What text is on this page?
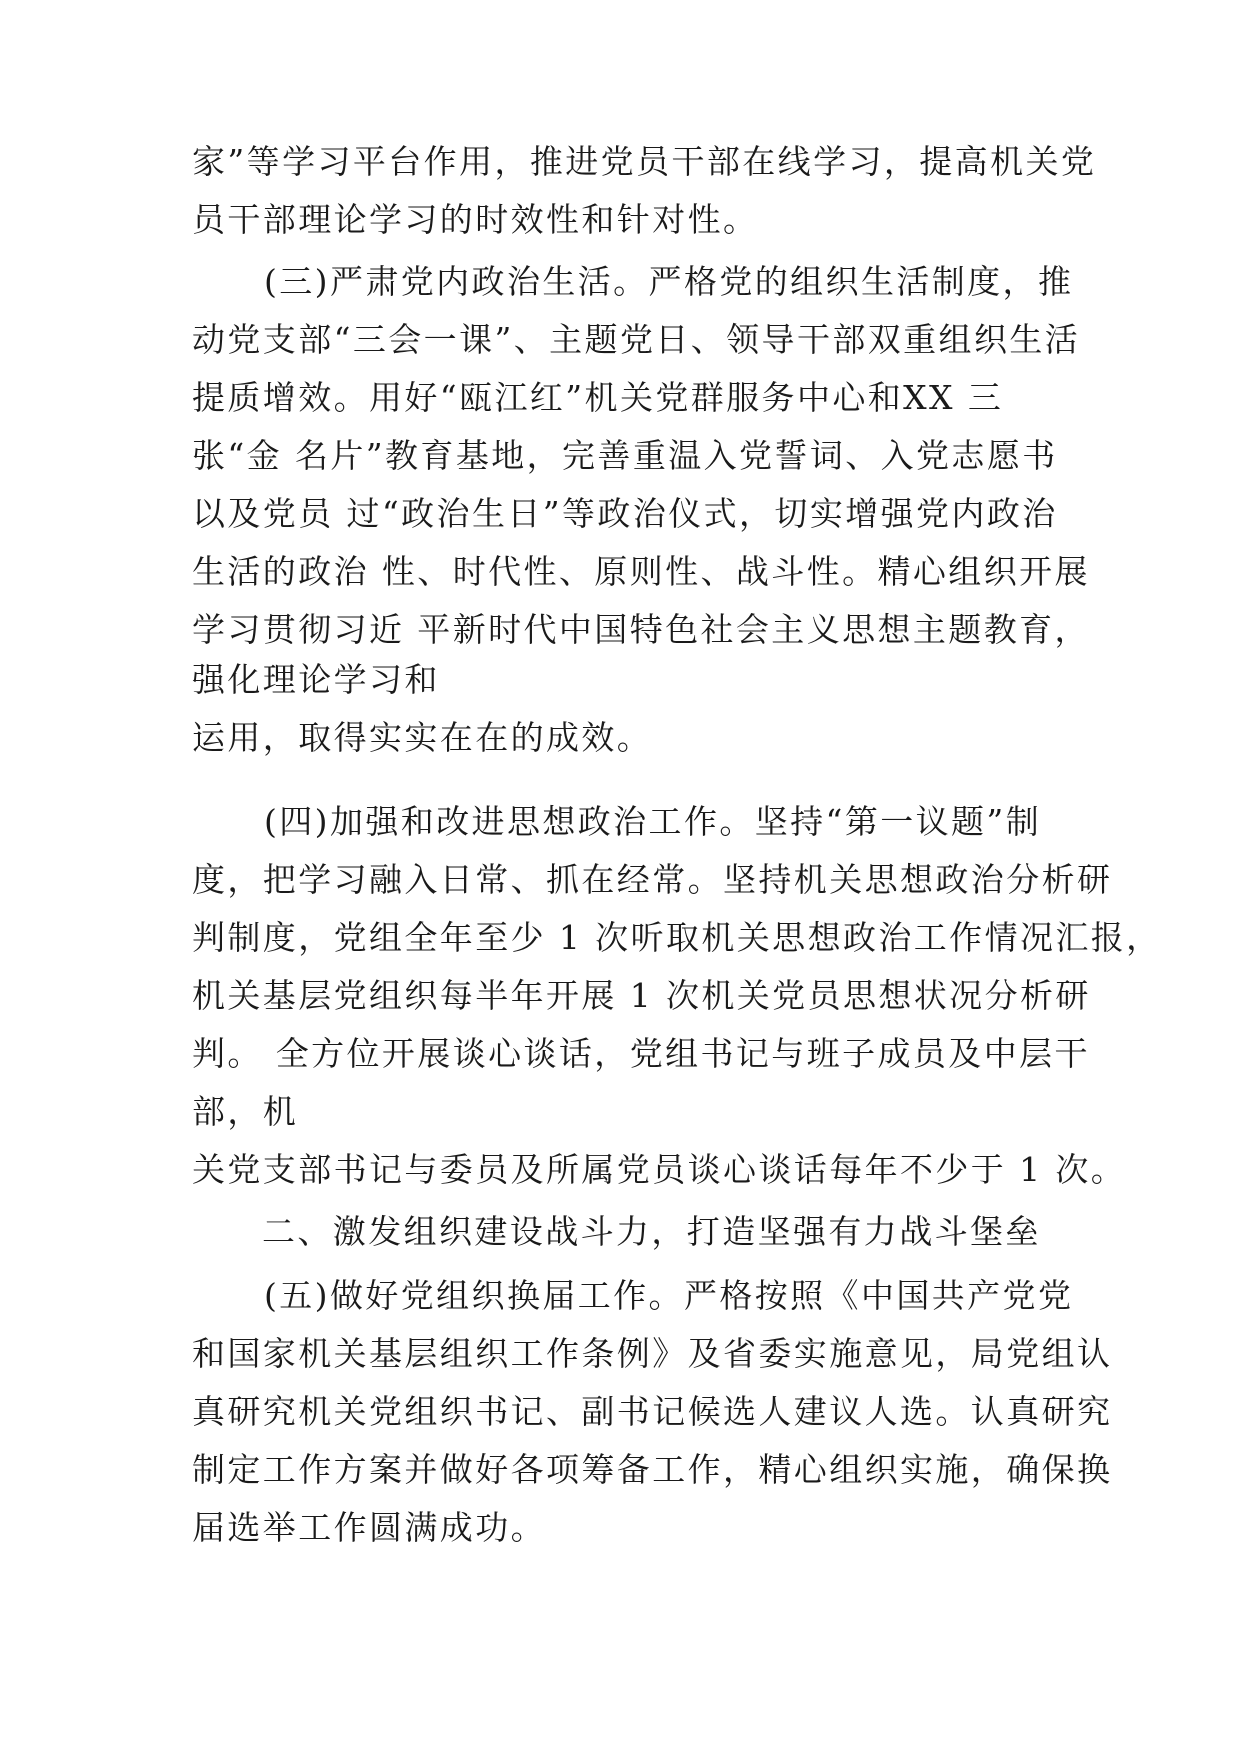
家”等学习平台作用，推进党员干部在线学习，提高机关党
员干部理论学习的时效性和针对性。
(三)严肃党内政治生活。严格党的组织生活制度，推
动党支部“三会一课”、主题党日、领导干部双重组织生活
提质增效。用好“瓯江红”机关党群服务中心和XX 三
张“金 名片”教育基地，完善重温入党誓词、入党志愿书
以及党员 过“政治生日”等政治仪式，切实增强党内政治
生活的政治 性、时代性、原则性、战斗性。精心组织开展
学习贯彻习近 平新时代中国特色社会主义思想主题教育，
强化理论学习和
运用，取得实实在在的成效。
(四)加强和改进思想政治工作。坚持“第一议题”制
度，把学习融入日常、抓在经常。坚持机关思想政治分析研
判制度，党组全年至少 1 次听取机关思想政治工作情况汇报，
机关基层党组织每半年开展 1 次机关党员思想状况分析研
判。 全方位开展谈心谈话，党组书记与班子成员及中层干
部，机
关党支部书记与委员及所属党员谈心谈话每年不少于 1 次。
二、激发组织建设战斗力，打造坚强有力战斗堡垒
(五)做好党组织换届工作。严格按照《中国共产党党
和国家机关基层组织工作条例》及省委实施意见，局党组认
真研究机关党组织书记、副书记候选人建议人选。认真研究
制定工作方案并做好各项筹备工作，精心组织实施，确保换
届选举工作圆满成功。
